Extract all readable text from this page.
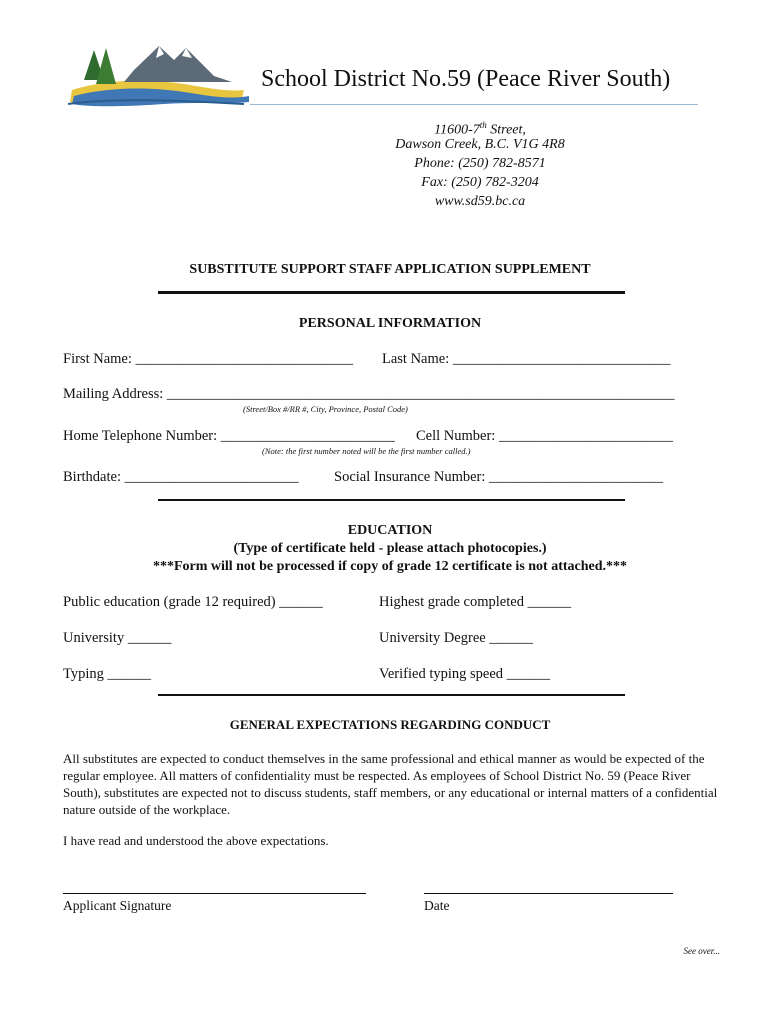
School District No.59 (Peace River South)
11600-7th Street,
Dawson Creek, B.C. V1G 4R8
Phone: (250) 782-8571
Fax: (250) 782-3204
www.sd59.bc.ca
SUBSTITUTE SUPPORT STAFF APPLICATION SUPPLEMENT
PERSONAL INFORMATION
First Name: ______________________________ Last Name: ______________________________
Mailing Address: ______________________________________________________________________
(Street/Box #/RR #, City, Province, Postal Code)
Home Telephone Number: ________________________ Cell Number: ________________________
(Note: the first number noted will be the first number called.)
Birthdate: ________________________ Social Insurance Number: ________________________
EDUCATION
(Type of certificate held - please attach photocopies.)
***Form will not be processed if copy of grade 12 certificate is not attached.***
Public education (grade 12 required) ______	Highest grade completed ______
University ______	University Degree ______
Typing ______	Verified typing speed ______
GENERAL EXPECTATIONS REGARDING CONDUCT
All substitutes are expected to conduct themselves in the same professional and ethical manner as would be expected of the regular employee. All matters of confidentiality must be respected. As employees of School District No. 59 (Peace River South), substitutes are expected not to discuss students, staff members, or any educational or internal matters of a confidential nature outside of the workplace.
I have read and understood the above expectations.
Applicant Signature	Date
See over...
